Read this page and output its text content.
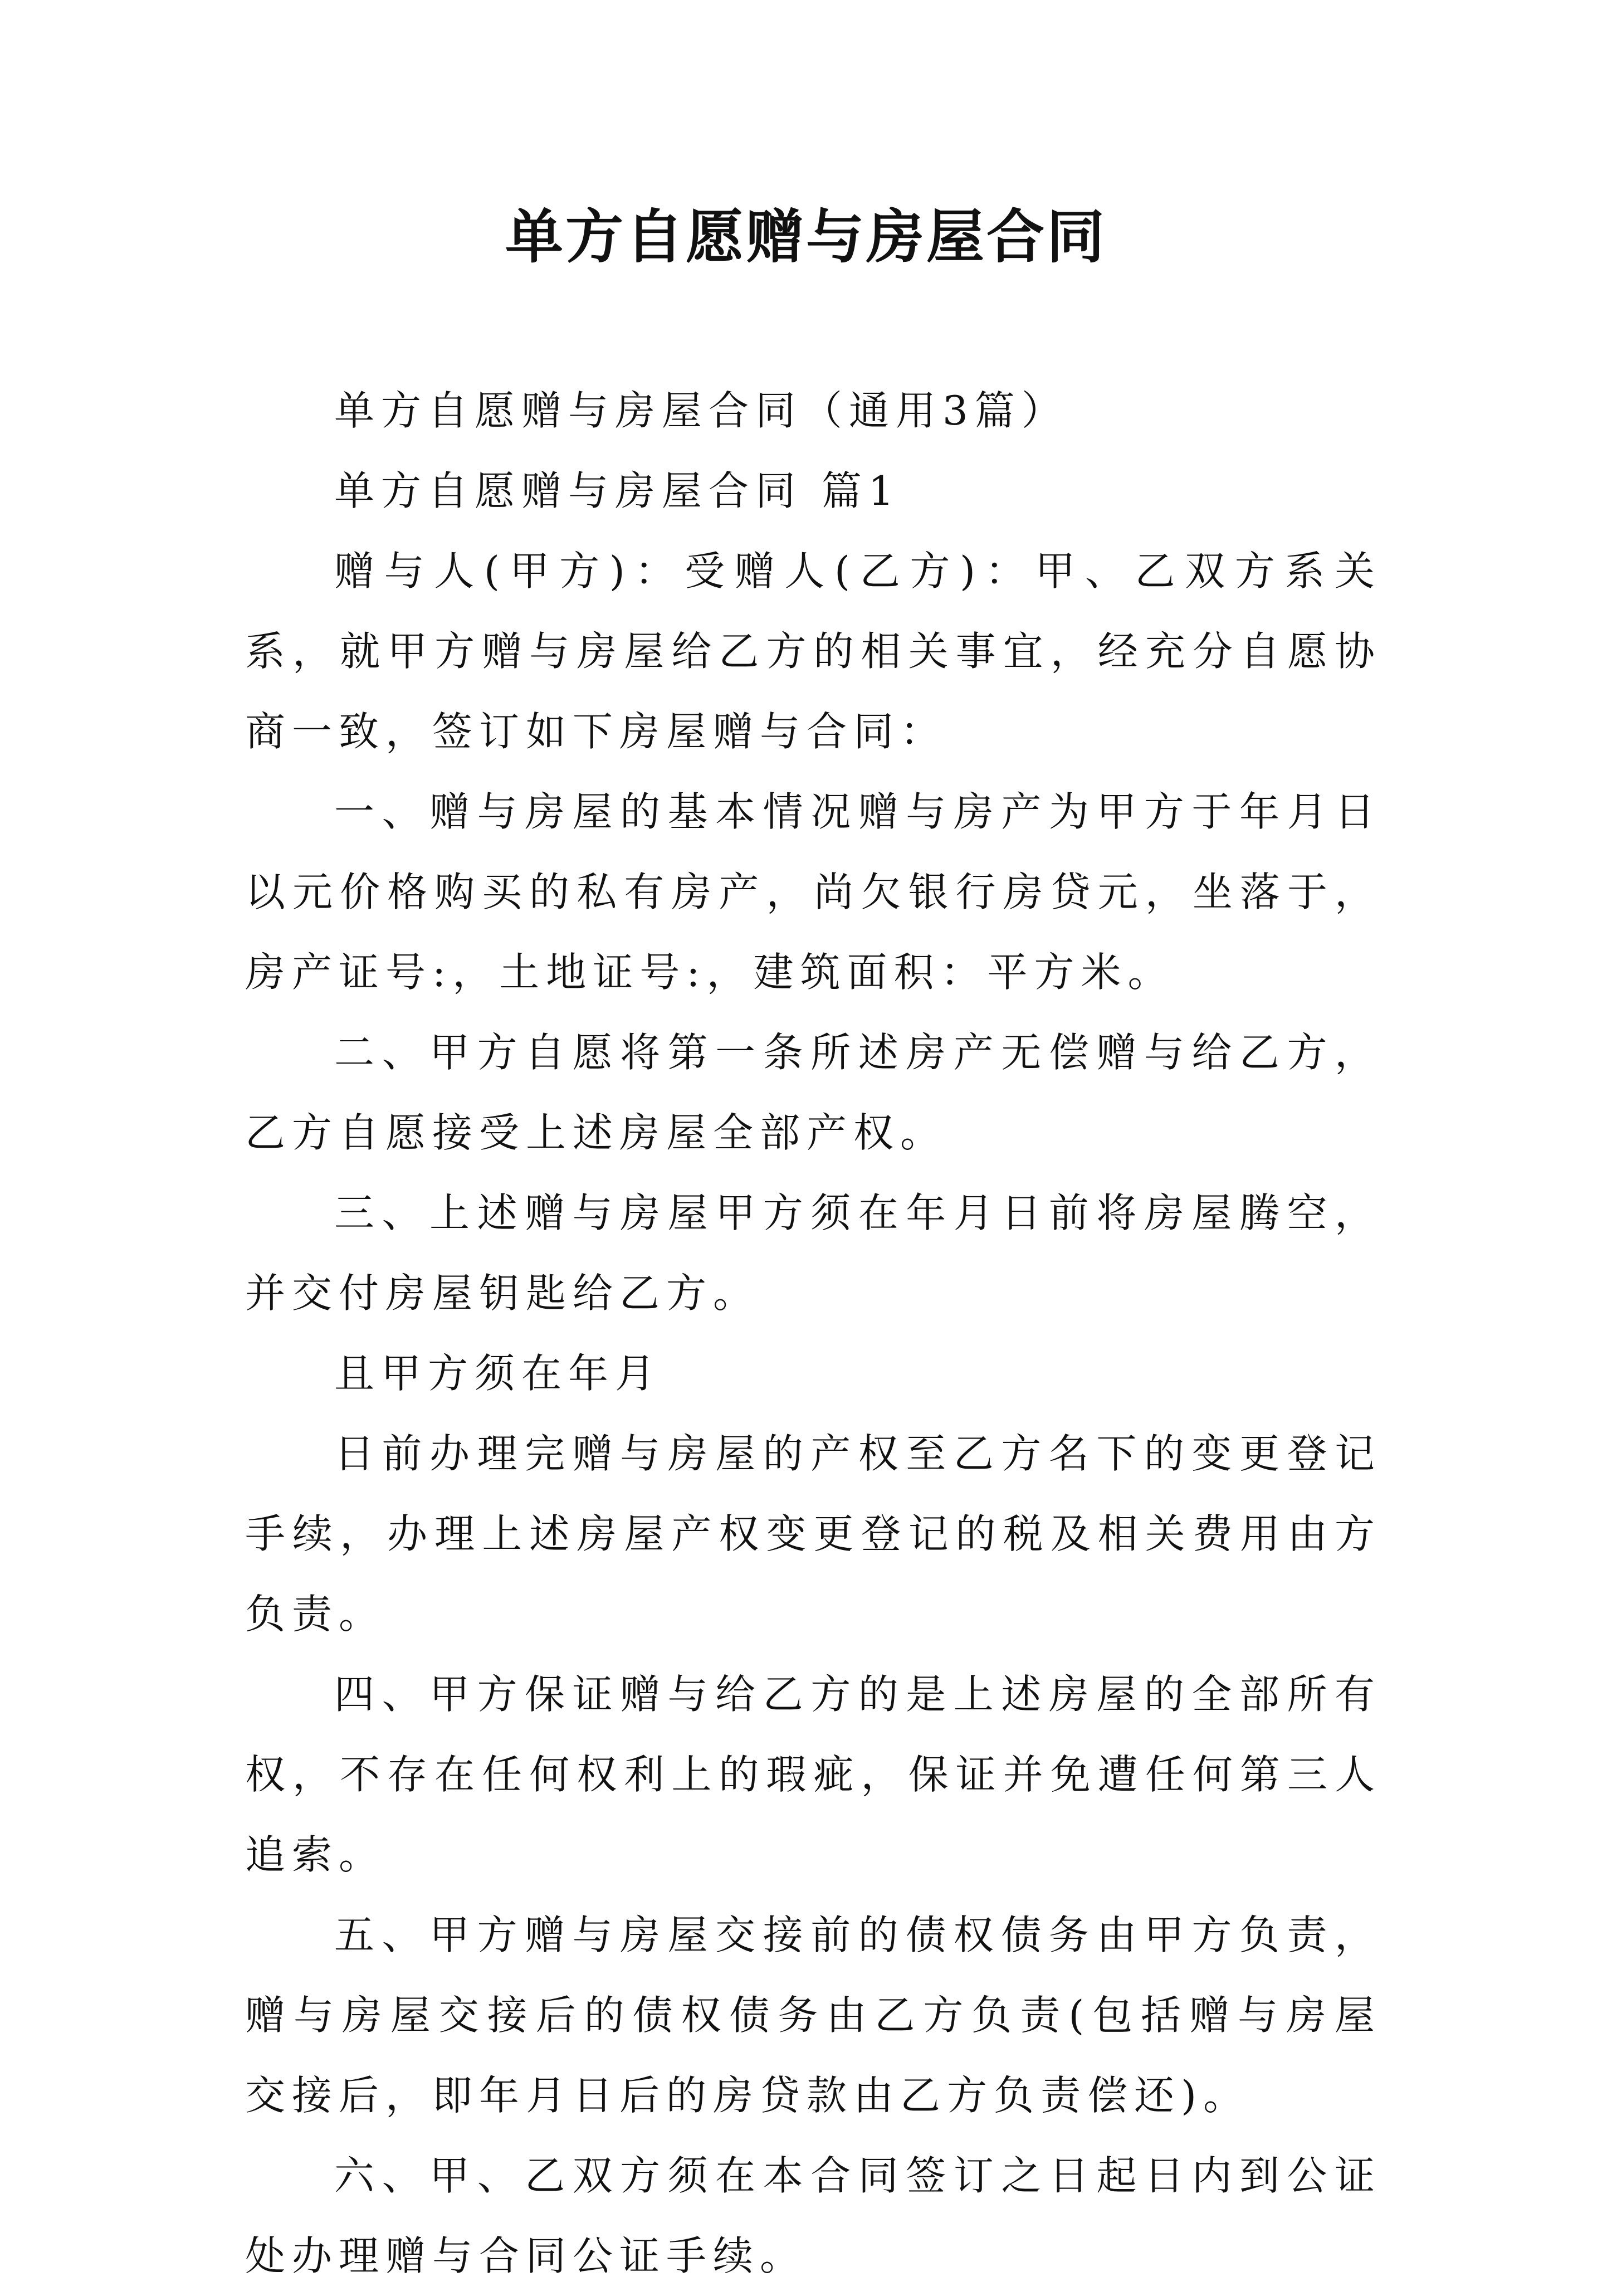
单方自愿赠与房屋合同

单方自愿赠与房屋合同（通用3篇）

单方自愿赠与房屋合同 篇1

赠与人(甲方)：受赠人(乙方)：甲、乙双方系关系，就甲方赠与房屋给乙方的相关事宜，经充分自愿协商一致，签订如下房屋赠与合同：

一、赠与房屋的基本情况赠与房产为甲方于年月日以元价格购买的私有房产，尚欠银行房贷元，坐落于，房产证号:，土地证号:，建筑面积：平方米。

二、甲方自愿将第一条所述房产无偿赠与给乙方，乙方自愿接受上述房屋全部产权。

三、上述赠与房屋甲方须在年月日前将房屋腾空，并交付房屋钥匙给乙方。

且甲方须在年月

日前办理完赠与房屋的产权至乙方名下的变更登记手续，办理上述房屋产权变更登记的税及相关费用由方负责。

四、甲方保证赠与给乙方的是上述房屋的全部所有权，不存在任何权利上的瑕疵，保证并免遭任何第三人追索。

五、甲方赠与房屋交接前的债权债务由甲方负责，赠与房屋交接后的债权债务由乙方负责(包括赠与房屋交接后，即年月日后的房贷款由乙方负责偿还)。

六、甲、乙双方须在本合同签订之日起日内到公证处办理赠与合同公证手续。
